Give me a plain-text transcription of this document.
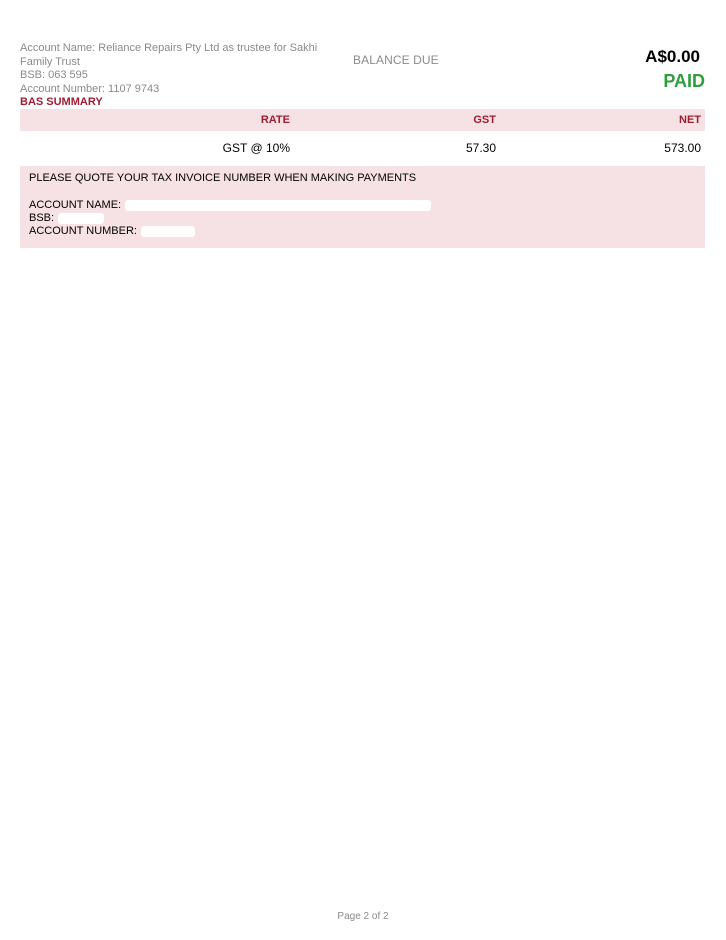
Account Name: Reliance Repairs Pty Ltd as trustee for Sakhi Family Trust
BSB: 063 595
Account Number: 1107 9743
BALANCE DUE	A$0.00
PAID
BAS SUMMARY
RATE	GST	NET
GST @ 10%	57.30	573.00
PLEASE QUOTE YOUR TAX INVOICE NUMBER WHEN MAKING PAYMENTS
ACCOUNT NAME:
BSB:
ACCOUNT NUMBER:
Page 2 of 2
